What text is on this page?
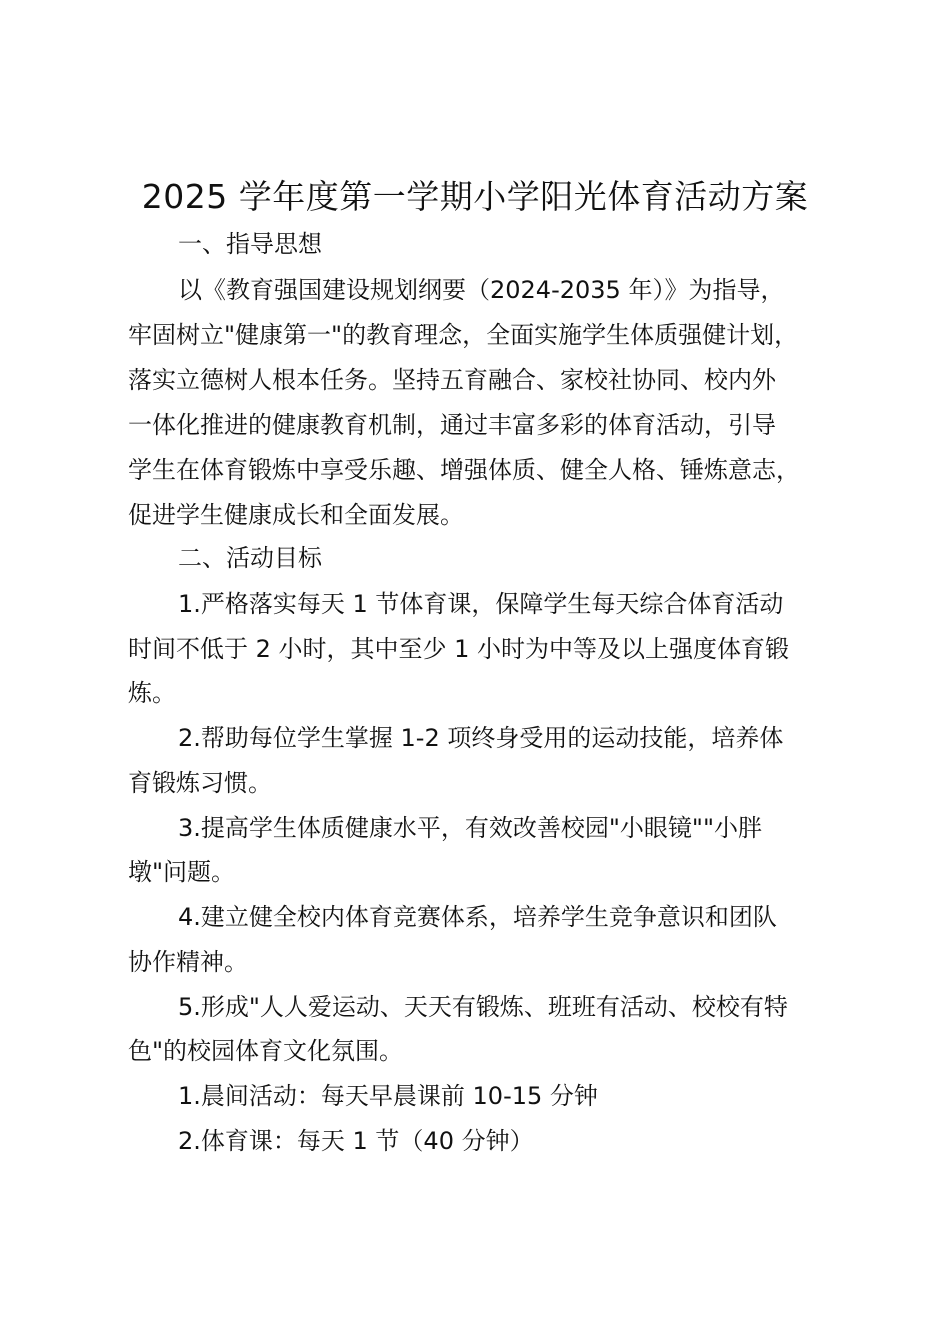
2025 学年度第一学期小学阳光体育活动方案
一、指导思想
以《教育强国建设规划纲要（2024-2035 年）》为指导，
牢固树立"健康第一"的教育理念，全面实施学生体质强健计划，
落实立德树人根本任务。坚持五育融合、家校社协同、校内外
一体化推进的健康教育机制，通过丰富多彩的体育活动，引导
学生在体育锻炼中享受乐趣、增强体质、健全人格、锤炼意志，
促进学生健康成长和全面发展。
二、活动目标
1.严格落实每天 1 节体育课，保障学生每天综合体育活动
时间不低于 2 小时，其中至少 1 小时为中等及以上强度体育锻
炼。
2.帮助每位学生掌握 1-2 项终身受用的运动技能，培养体
育锻炼习惯。
3.提高学生体质健康水平，有效改善校园"小眼镜""小胖
墩"问题。
4.建立健全校内体育竞赛体系，培养学生竞争意识和团队
协作精神。
5.形成"人人爱运动、天天有锻炼、班班有活动、校校有特
色"的校园体育文化氛围。
1.晨间活动：每天早晨课前 10-15 分钟
2.体育课：每天 1 节（40 分钟）
